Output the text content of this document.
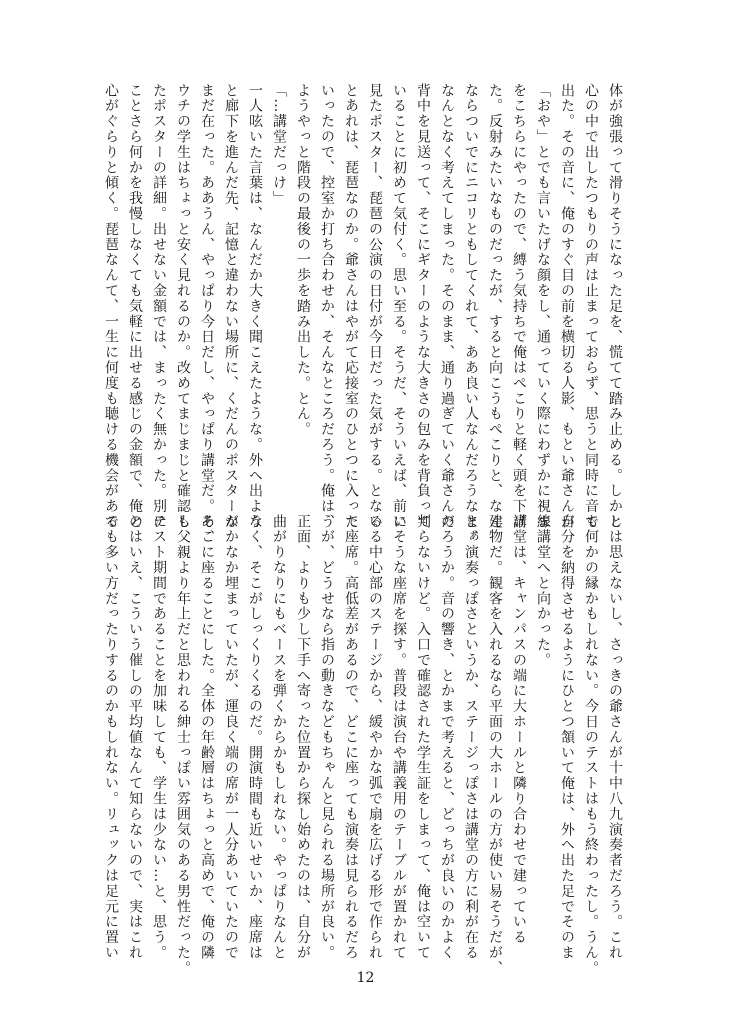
体が強張って滑りそうになった足を、慌てて踏み止める。しかし
心の中で出したつもりの声は止まっておらず、思うと同時に音で
出た。その音に、俺のすぐ目の前を横切る人影、もとい爺さんが
「おや」とでも言いたげな顔をし、通っていく際にわずかに視線
をこちらにやったので、縛う気持ちで俺はぺこりと軽く頭を下げ
た。反射みたいなものだったが、すると向こうもぺこりと、なん
ならついでにニコリともしてくれて、ああ良い人なんだろうなと、
なんとなく考えてしまった。そのまま、通り過ぎていく爺さんの
背中を見送って、そこにギターのような大きさの包みを背負って
いることに初めて気付く。思い至る。そうだ、そういえば、前に
見たポスター、琵琶の公演の日付が今日だった気がする。となる
とあれは、琵琶なのか。爺さんはやがて応接室のひとつに入って
いったので、控室か打ち合わせか、そんなところだろう。俺は、
ようやっと階段の最後の一歩を踏み出した。とん。
「…講堂だっけ」
一人呟いた言葉は、なんだか大きく聞こえたような。外へ出よう
と廊下を進んだ先、記憶と違わない場所に、くだんのポスターが
まだ在った。ああうん、やっぱり今日だし、やっぱり講堂だ。あ、
ウチの学生はちょっと安く見れるのか。改めてまじまじと確認し
たポスターの詳細。出せない金額では、まったく無かった。別に
ことさら何かを我慢しなくても気軽に出せる感じの金額で、俺の
心がぐらりと傾く。琵琶なんて、一生に何度も聴ける機会がある
とは思えないし、さっきの爺さんが十中八九演奏者だろう。これ
も何かの縁かもしれない。今日のテストはもう終わったし。うん。
自分を納得させるようにひとつ頷いて俺は、外へ出た足でそのま
ま講堂へと向かった。
講堂は、キャンパスの端に大ホールと隣り合わせで建っている
建物だ。観客を入れるなら平面の大ホールの方が使い易そうだが、
まぁ演奏っぽさというか、ステージっぽさは講堂の方に利が在る
だろうか。音の響き、とかまで考えると、どっちが良いのかよく
判らないけど。入口で確認された学生証をしまって、俺は空いて
いそうな座席を探す。普段は演台や講義用のテーブルが置かれて
いる中心部のステージから、緩やかな弧で扇を広げる形で作られ
た座席。高低差があるので、どこに座っても演奏は見られるだろ
うが、どうせなら指の動きなどもちゃんと見られる場所が良い。
正面、よりも少し下手へ寄った位置から探し始めたのは、自分が
曲がりなりにもベースを弾くからかもしれない。やっぱりなんと
なく、そこがしっくりくるのだ。開演時間も近いせいか、座席は
なかなか埋まっていたが、運良く端の席が一人分あいていたので
そこに座ることにした。全体の年齢層はちょっと高めで、俺の隣
も父親より年上だと思われる紳士っぽい雰囲気のある男性だった。
テスト期間であることを加味しても、学生は少ない…と、思う。
とはいえ、こういう催しの平均値なんて知らないので、実はこれ
でも多い方だったりするのかもしれない。リュックは足元に置い
12
